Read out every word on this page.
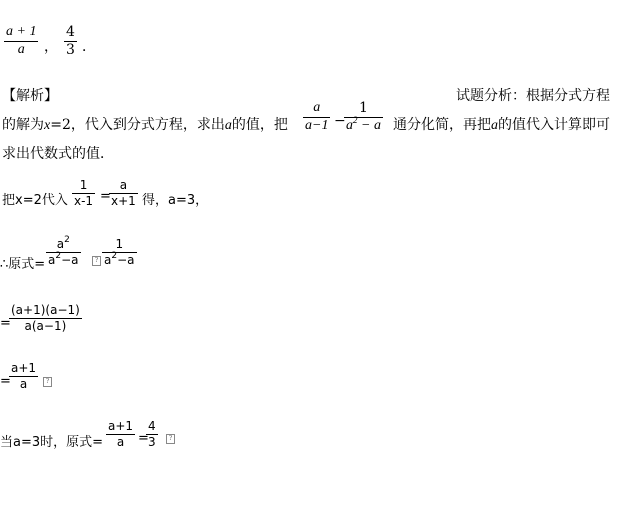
a + 1
a ，
4
3 ．
【解析】	试题分析：根据分式方程
的解为x=2，代入到分式方程，求出a的值，把
a
a−1 −
1
$a^2 - a$ 通分化简，再把a的值代入计算即可
求出代数式的值．
把x=2代入
1
x-1 =
a
x+1 得，a=3，
∴原式=
$a^2$
$a^2-a$	?
1
$a^2-a$
=
(a+1)(a−1)
a(a−1)
=
a+1
a	?
当a=3时，原式=
a+1
a =
4
3	?
